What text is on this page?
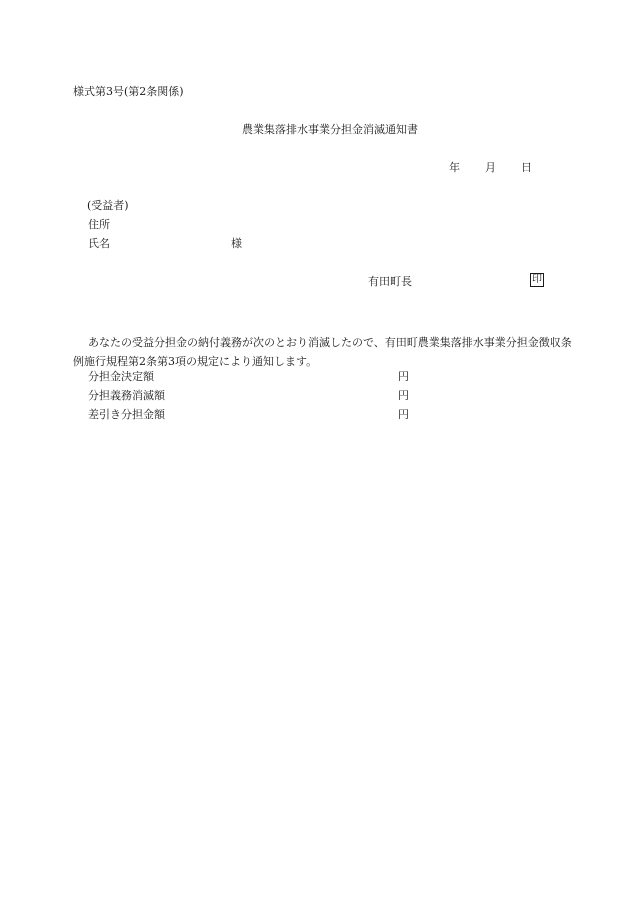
様式第3号(第2条関係)
農業集落排水事業分担金消滅通知書
年 月 日
(受益者)
住所
氏名	様
有田町長	印
あなたの受益分担金の納付義務が次のとおり消滅したので、有田町農業集落排水事業分担金徴収条例施行規程第2条第3項の規定により通知します。
分担金決定額	円
分担義務消滅額	円
差引き分担金額	円
